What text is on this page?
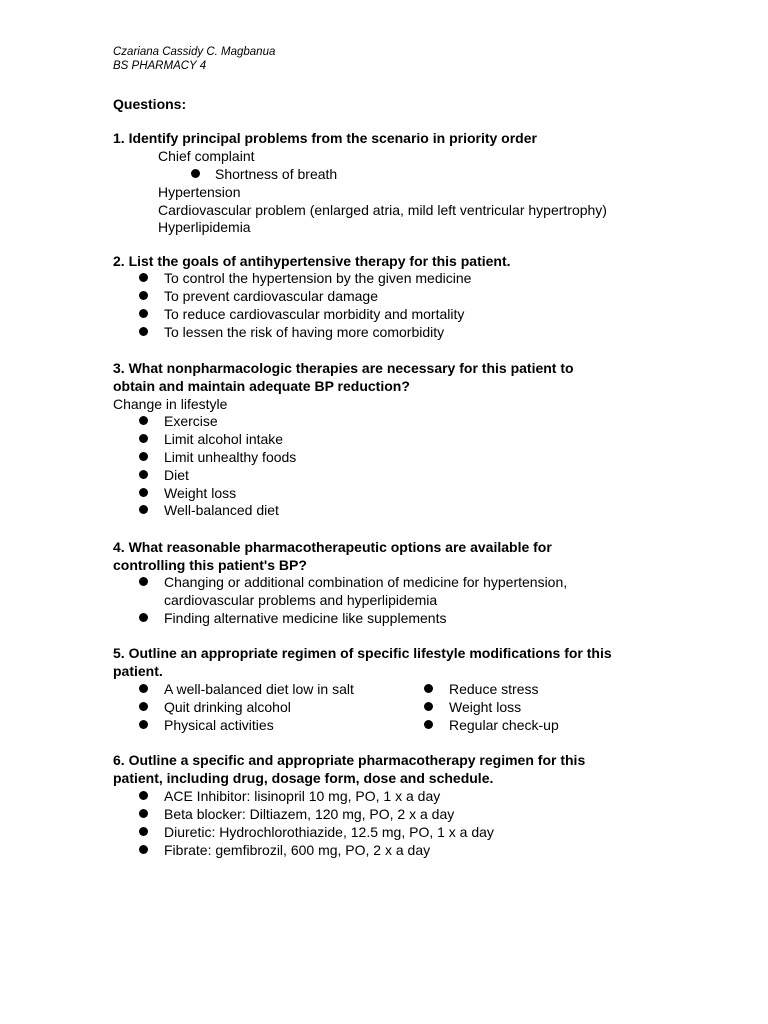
Czariana Cassidy C. Magbanua
BS PHARMACY 4
Questions:
1. Identify principal problems from the scenario in priority order
Chief complaint
Shortness of breath
Hypertension
Cardiovascular problem (enlarged atria, mild left ventricular hypertrophy)
Hyperlipidemia
2. List the goals of antihypertensive therapy for this patient.
To control the hypertension by the given medicine
To prevent cardiovascular damage
To reduce cardiovascular morbidity and mortality
To lessen the risk of having more comorbidity
3. What nonpharmacologic therapies are necessary for this patient to
obtain and maintain adequate BP reduction?
Change in lifestyle
Exercise
Limit alcohol intake
Limit unhealthy foods
Diet
Weight loss
Well-balanced diet
4. What reasonable pharmacotherapeutic options are available for
controlling this patient's BP?
Changing or additional combination of medicine for hypertension,
cardiovascular problems and hyperlipidemia
Finding alternative medicine like supplements
5. Outline an appropriate regimen of specific lifestyle modifications for this
patient.
A well-balanced diet low in salt
Quit drinking alcohol
Physical activities
Reduce stress
Weight loss
Regular check-up
6. Outline a specific and appropriate pharmacotherapy regimen for this
patient, including drug, dosage form, dose and schedule.
ACE Inhibitor: lisinopril 10 mg, PO, 1 x a day
Beta blocker: Diltiazem, 120 mg, PO, 2 x a day
Diuretic: Hydrochlorothiazide, 12.5 mg, PO, 1 x a day
Fibrate: gemfibrozil, 600 mg, PO, 2 x a day
